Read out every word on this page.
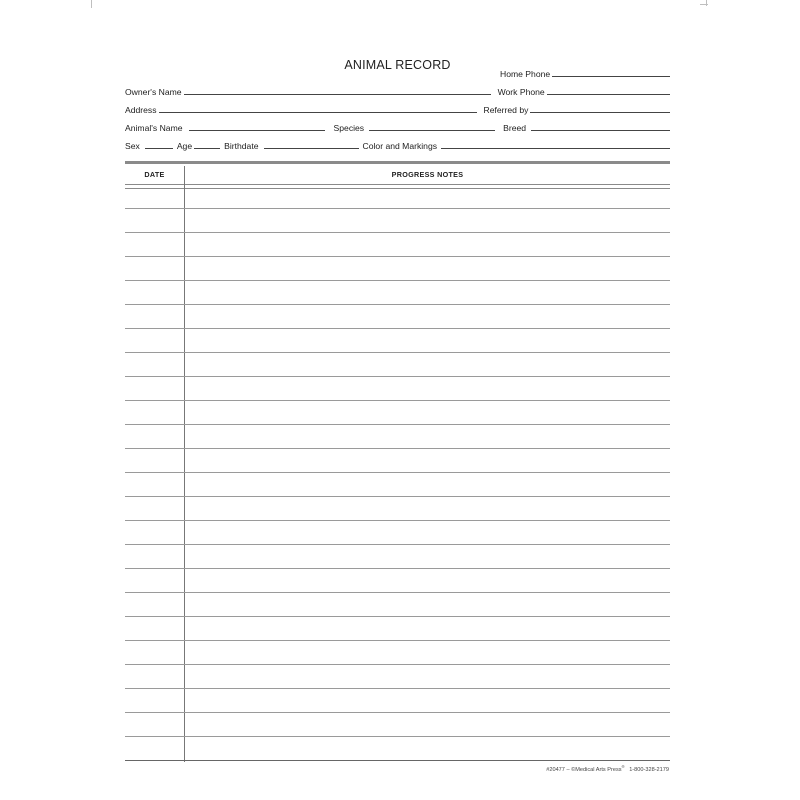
ANIMAL RECORD
Home Phone
Owner's Name	Work Phone
Address	Referred by
Animal's Name	Species	Breed
Sex	Age	Birthdate	Color and Markings
DATE	PROGRESS NOTES
#20477 – ©Medical Arts Press®   1-800-328-2179
